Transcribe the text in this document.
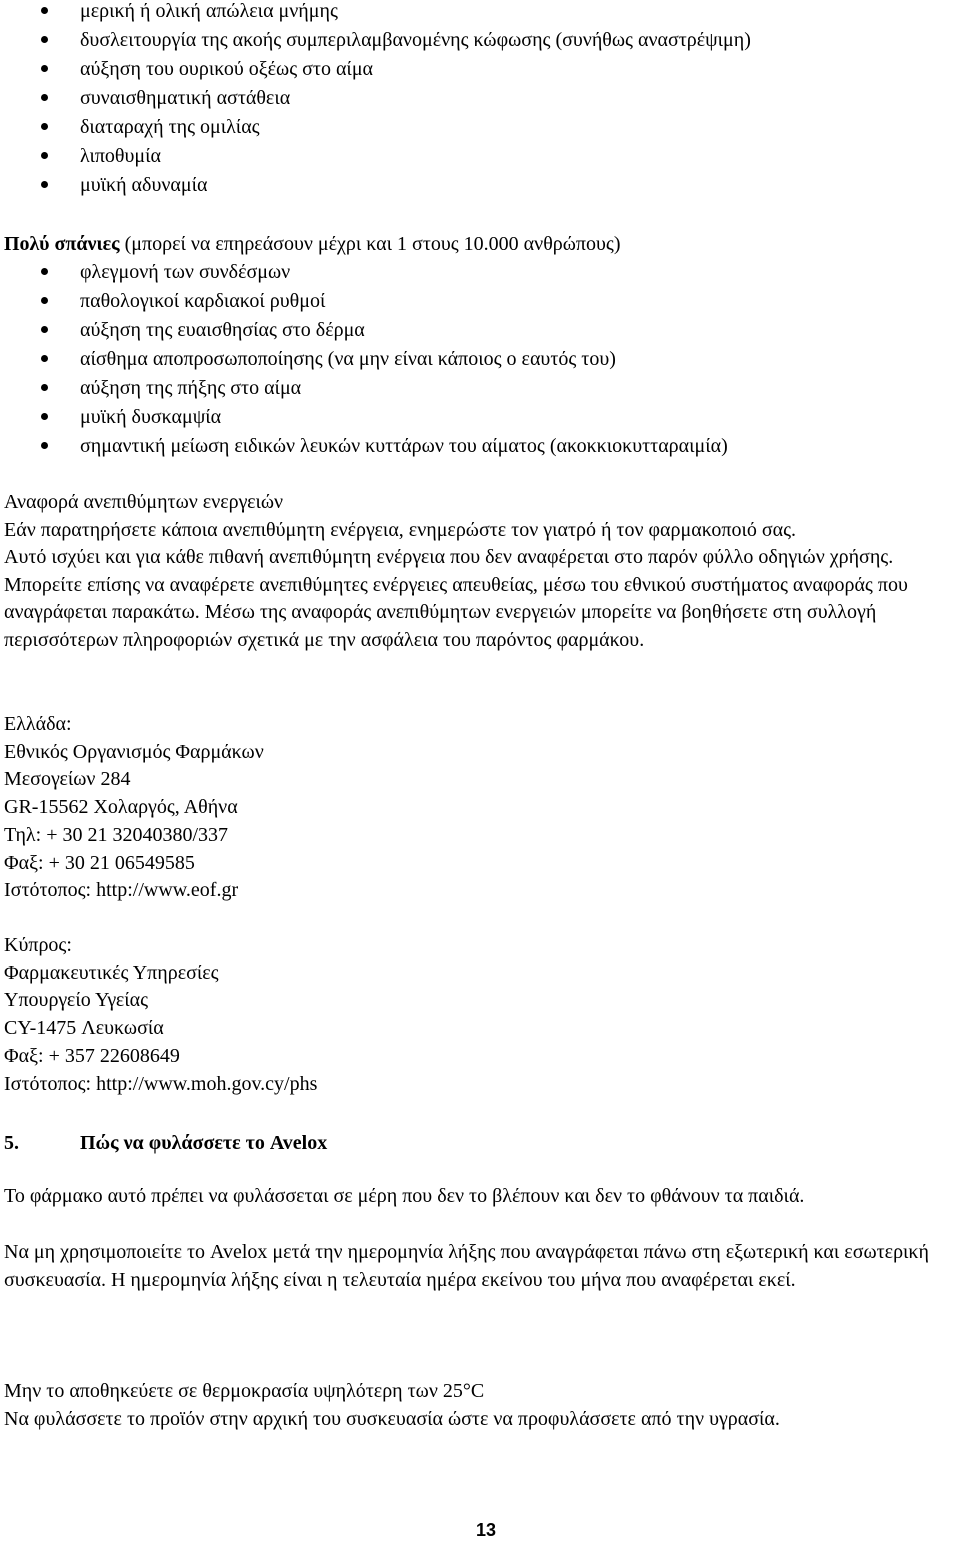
μερική ή ολική απώλεια μνήμης
δυσλειτουργία της ακοής συμπεριλαμβανομένης κώφωσης (συνήθως αναστρέψιμη)
αύξηση του ουρικού οξέως στο αίμα
συναισθηματική αστάθεια
διαταραχή της ομιλίας
λιποθυμία
μυϊκή αδυναμία
Πολύ σπάνιες (μπορεί να επηρεάσουν μέχρι και 1 στους 10.000 ανθρώπους)
φλεγμονή των συνδέσμων
παθολογικοί καρδιακοί ρυθμοί
αύξηση της ευαισθησίας στο δέρμα
αίσθημα αποπροσωποποίησης (να μην είναι κάποιος ο εαυτός του)
αύξηση της πήξης στο αίμα
μυϊκή δυσκαμψία
σημαντική μείωση ειδικών λευκών κυττάρων του αίματος (ακοκκιοκυτταραιμία)

Αναφορά ανεπιθύμητων ενεργειών

Εάν παρατηρήσετε κάποια ανεπιθύμητη ενέργεια, ενημερώστε τον γιατρό ή τον φαρμακοποιό σας.

Αυτό ισχύει και για κάθε πιθανή ανεπιθύμητη ενέργεια που δεν αναφέρεται στο παρόν φύλλο οδηγιών χρήσης. Μπορείτε επίσης να αναφέρετε ανεπιθύμητες ενέργειες απευθείας, μέσω του εθνικού συστήματος αναφοράς που αναγράφεται παρακάτω. Μέσω της αναφοράς ανεπιθύμητων ενεργειών μπορείτε να βοηθήσετε στη συλλογή περισσότερων πληροφοριών σχετικά με την ασφάλεια του παρόντος φαρμάκου.

Ελλάδα:

Εθνικός Οργανισμός Φαρμάκων

Μεσογείων 284

GR-15562 Χολαργός, Αθήνα

Τηλ: + 30 21 32040380/337

Φαξ: + 30 21 06549585

Ιστότοπος: http://www.eof.gr

Κύπρος:

Φαρμακευτικές Υπηρεσίες

Υπουργείο Υγείας

CY-1475 Λευκωσία

Φαξ: + 357 22608649

Ιστότοπος: http://www.moh.gov.cy/phs

5.	Πώς να φυλάσσετε το Avelox

Το φάρμακο αυτό πρέπει να φυλάσσεται σε μέρη που δεν το βλέπουν και δεν το φθάνουν τα παιδιά.

Να μη χρησιμοποιείτε το Avelox μετά την ημερομηνία λήξης που αναγράφεται πάνω στη εξωτερική και εσωτερική συσκευασία. Η ημερομηνία λήξης είναι η τελευταία ημέρα εκείνου του μήνα που αναφέρεται εκεί.

Μην το αποθηκεύετε σε θερμοκρασία υψηλότερη των 25°C

Να φυλάσσετε το προϊόν στην αρχική του συσκευασία ώστε να προφυλάσσετε από την υγρασία.

13
